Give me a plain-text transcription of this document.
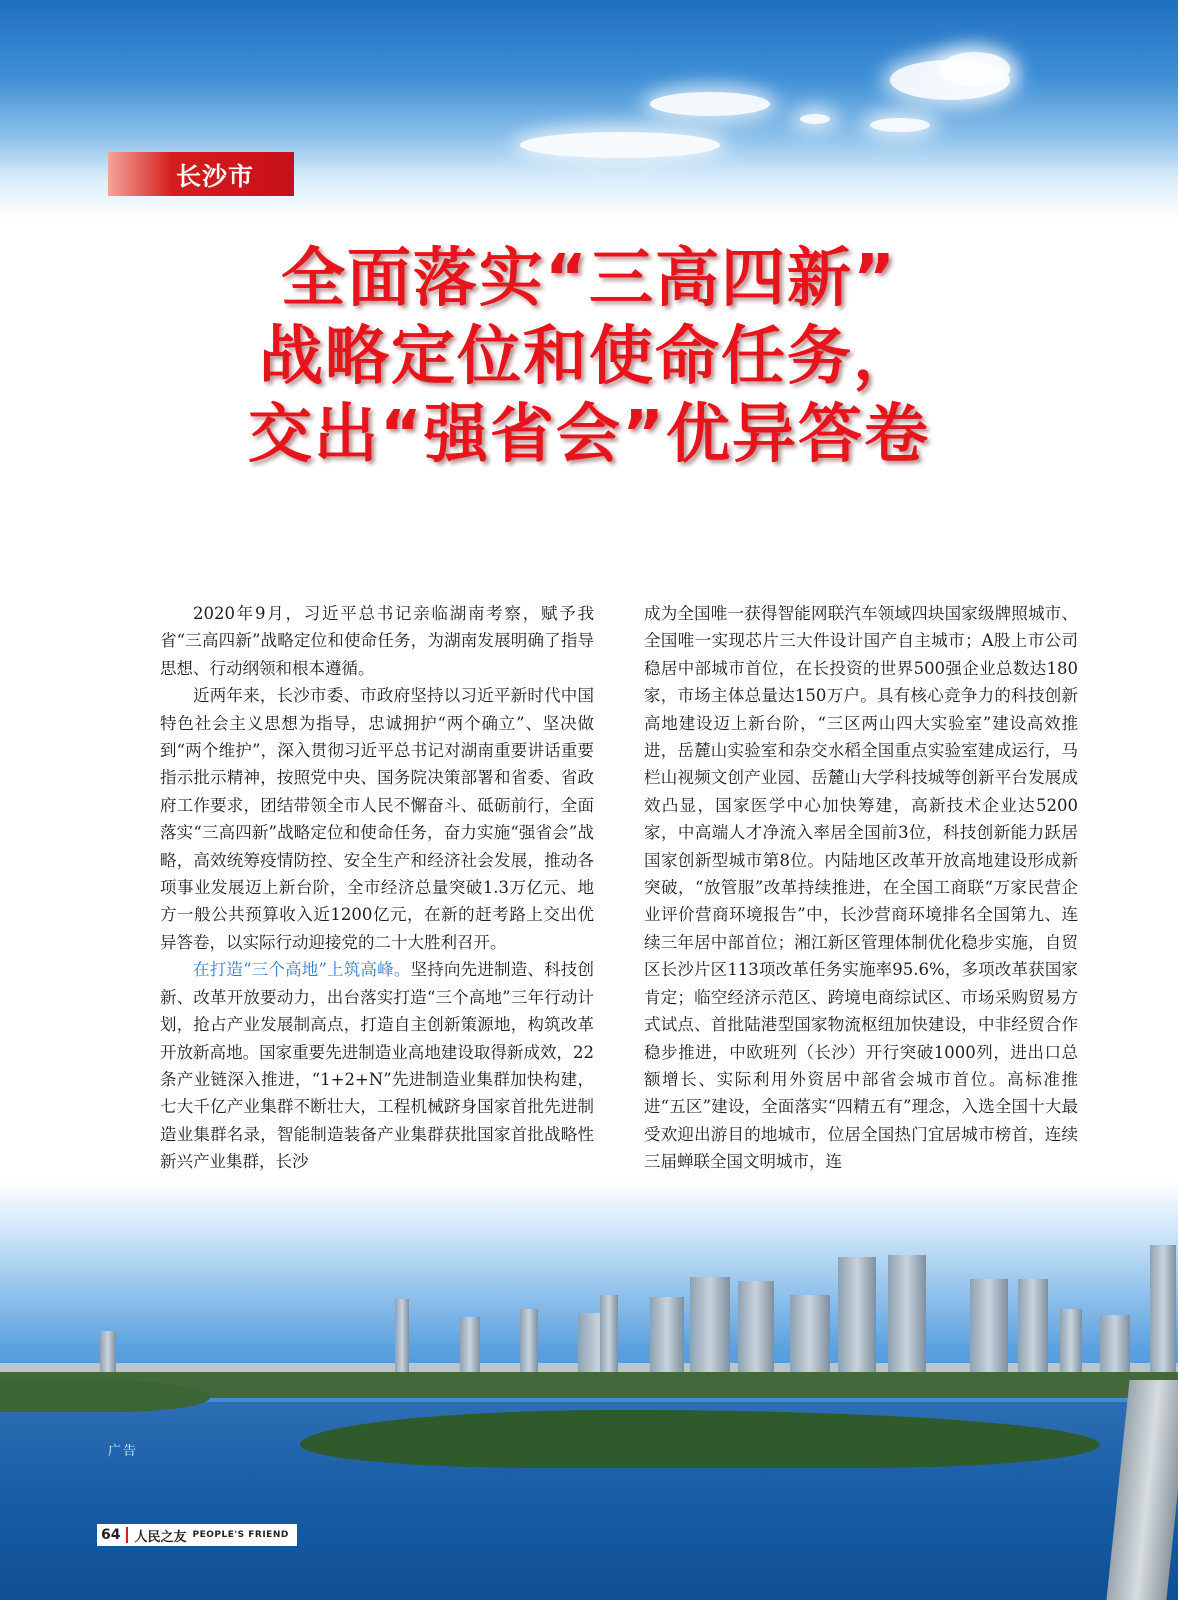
长沙市
全面落实“三高四新”
战略定位和使命任务，
交出“强省会”优异答卷

2020年9月，习近平总书记亲临湖南考察，赋予我省“三高四新”战略定位和使命任务，为湖南发展明确了指导思想、行动纲领和根本遵循。

近两年来，长沙市委、市政府坚持以习近平新时代中国特色社会主义思想为指导，忠诚拥护“两个确立”、坚决做到“两个维护”，深入贯彻习近平总书记对湖南重要讲话重要指示批示精神，按照党中央、国务院决策部署和省委、省政府工作要求，团结带领全市人民不懈奋斗、砥砺前行，全面落实“三高四新”战略定位和使命任务，奋力实施“强省会”战略，高效统筹疫情防控、安全生产和经济社会发展，推动各项事业发展迈上新台阶，全市经济总量突破1.3万亿元、地方一般公共预算收入近1200亿元，在新的赶考路上交出优异答卷，以实际行动迎接党的二十大胜利召开。

在打造“三个高地”上筑高峰。坚持向先进制造、科技创新、改革开放要动力，出台落实打造“三个高地”三年行动计划，抢占产业发展制高点，打造自主创新策源地，构筑改革开放新高地。国家重要先进制造业高地建设取得新成效，22条产业链深入推进，“1+2+N”先进制造业集群加快构建，七大千亿产业集群不断壮大，工程机械跻身国家首批先进制造业集群名录，智能制造装备产业集群获批国家首批战略性新兴产业集群，长沙

成为全国唯一获得智能网联汽车领域四块国家级牌照城市、全国唯一实现芯片三大件设计国产自主城市；A股上市公司稳居中部城市首位，在长投资的世界500强企业总数达180家，市场主体总量达150万户。具有核心竞争力的科技创新高地建设迈上新台阶，“三区两山四大实验室”建设高效推进，岳麓山实验室和杂交水稻全国重点实验室建成运行，马栏山视频文创产业园、岳麓山大学科技城等创新平台发展成效凸显，国家医学中心加快筹建，高新技术企业达5200家，中高端人才净流入率居全国前3位，科技创新能力跃居国家创新型城市第8位。内陆地区改革开放高地建设形成新突破，“放管服”改革持续推进，在全国工商联“万家民营企业评价营商环境报告”中，长沙营商环境排名全国第九、连续三年居中部首位；湘江新区管理体制优化稳步实施，自贸区长沙片区113项改革任务实施率95.6%，多项改革获国家肯定；临空经济示范区、跨境电商综试区、市场采购贸易方式试点、首批陆港型国家物流枢纽加快建设，中非经贸合作稳步推进，中欧班列（长沙）开行突破1000列，进出口总额增长、实际利用外资居中部省会城市首位。高标准推进“五区”建设，全面落实“四精五有”理念，入选全国十大最受欢迎出游目的地城市，位居全国热门宜居城市榜首，连续三届蝉联全国文明城市，连

广告
64 人民之友 PEOPLE'S FRIEND
